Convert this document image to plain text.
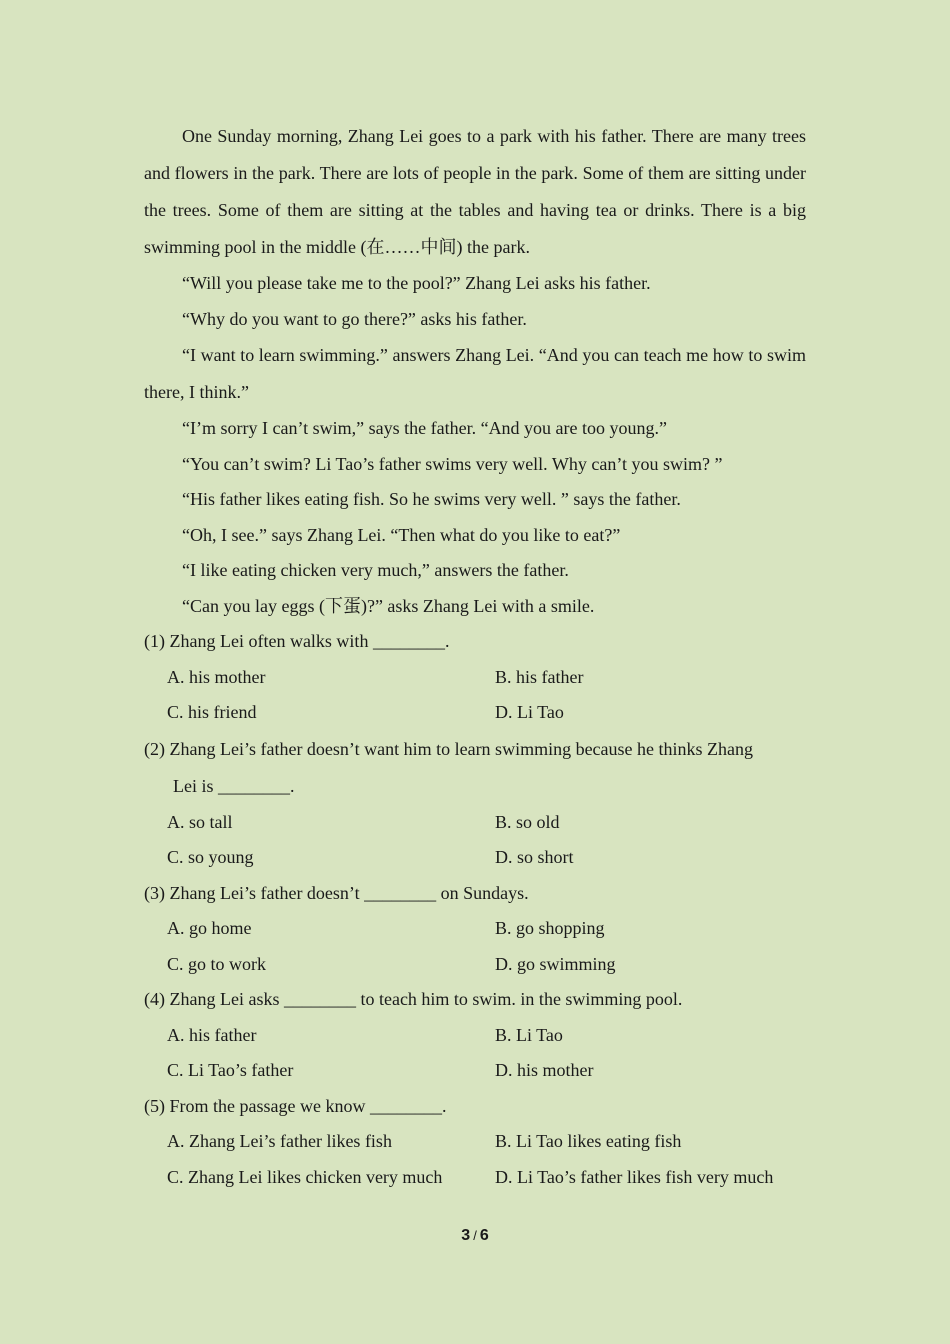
One Sunday morning, Zhang Lei goes to a park with his father. There are many trees and flowers in the park. There are lots of people in the park. Some of them are sitting under the trees. Some of them are sitting at the tables and having tea or drinks. There is a big swimming pool in the middle (在……中间) the park.

“Will you please take me to the pool?” Zhang Lei asks his father.

“Why do you want to go there?” asks his father.

“I want to learn swimming.” answers Zhang Lei. “And you can teach me how to swim there, I think.”

“I’m sorry I can’t swim,” says the father. “And you are too young.”

“You can’t swim? Li Tao’s father swims very well. Why can’t you swim? ”

“His father likes eating fish. So he swims very well. ” says the father.

“Oh, I see.” says Zhang Lei. “Then what do you like to eat?”

“I like eating chicken very much,” answers the father.

“Can you lay eggs (下蛋)?” asks Zhang Lei with a smile.

(1) Zhang Lei often walks with ________.

A. his mother	B. his father
C. his friend	D. Li Tao

(2) Zhang Lei’s father doesn’t want him to learn swimming because he thinks Zhang
Lei is ________.

A. so tall	B. so old
C. so young	D. so short

(3) Zhang Lei’s father doesn’t ________ on Sundays.

A. go home	B. go shopping
C. go to work	D. go swimming

(4) Zhang Lei asks ________ to teach him to swim. in the swimming pool.

A. his father	B. Li Tao
C. Li Tao’s father	D. his mother

(5) From the passage we know ________.

A. Zhang Lei’s father likes fish	B. Li Tao likes eating fish
C. Zhang Lei likes chicken very much	D. Li Tao’s father likes fish very much
3 / 6
